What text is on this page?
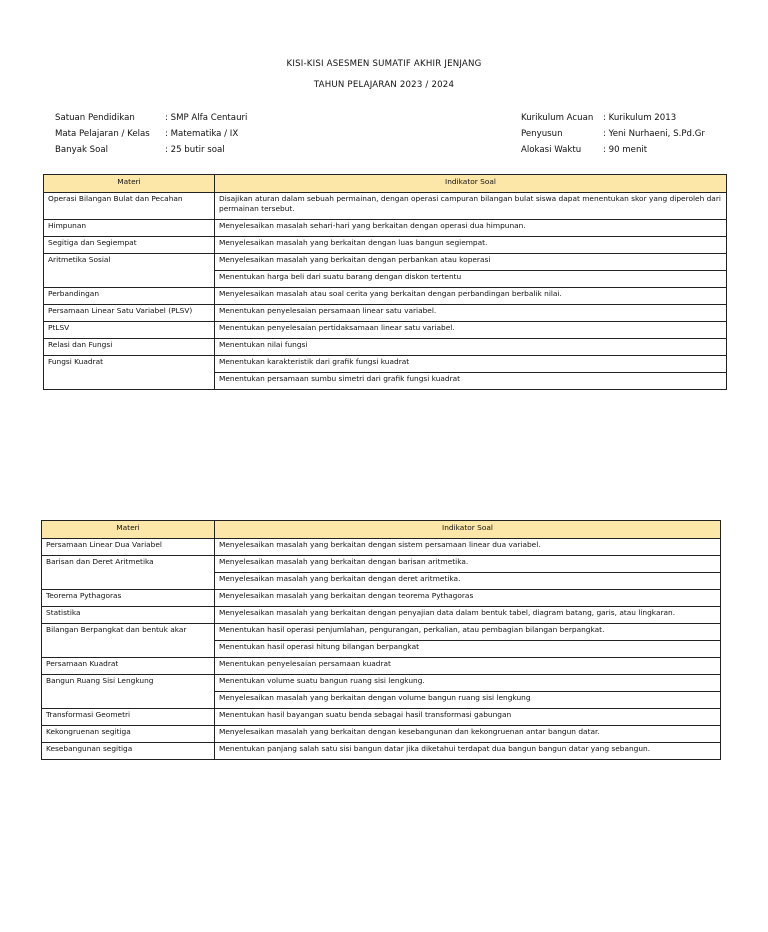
KISI-KISI ASESMEN SUMATIF AKHIR JENJANG
TAHUN PELAJARAN 2023 / 2024
Satuan Pendidikan	: SMP Alfa Centauri
Mata Pelajaran / Kelas : Matematika / IX
Banyak Soal	: 25 butir soal
Kurikulum Acuan : Kurikulum 2013
Penyusun	: Yeni Nurhaeni, S.Pd.Gr
Alokasi Waktu	: 90 menit
Materi	Indikator Soal
Operasi Bilangan Bulat dan Pecahan	Disajikan aturan dalam sebuah permainan, dengan operasi campuran bilangan bulat siswa dapat menentukan skor yang diperoleh dari permainan tersebut.
Himpunan	Menyelesaikan masalah sehari-hari yang berkaitan dengan operasi dua himpunan.
Segitiga dan Segiempat	Menyelesaikan masalah yang berkaitan dengan luas bangun segiempat.
Aritmetika Sosial	Menyelesaikan masalah yang berkaitan dengan perbankan atau koperasi
	Menentukan harga beli dari suatu barang dengan diskon tertentu
Perbandingan	Menyelesaikan masalah atau soal cerita yang berkaitan dengan perbandingan berbalik nilai.
Persamaan Linear Satu Variabel (PLSV)	Menentukan penyelesaian persamaan linear satu variabel.
PtLSV	Menentukan penyelesaian pertidaksamaan linear satu variabel.
Relasi dan Fungsi	Menentukan nilai fungsi
Fungsi Kuadrat	Menentukan karakteristik dari grafik fungsi kuadrat
	Menentukan persamaan sumbu simetri dari grafik fungsi kuadrat
Materi	Indikator Soal
Persamaan Linear Dua Variabel	Menyelesaikan masalah yang berkaitan dengan sistem persamaan linear dua variabel.
Barisan dan Deret Aritmetika	Menyelesaikan masalah yang berkaitan dengan barisan aritmetika.
	Menyelesaikan masalah yang berkaitan dengan deret aritmetika.
Teorema Pythagoras	Menyelesaikan masalah yang berkaitan dengan teorema Pythagoras
Statistika	Menyelesaikan masalah yang berkaitan dengan penyajian data dalam bentuk tabel, diagram batang, garis, atau lingkaran.
Bilangan Berpangkat dan bentuk akar	Menentukan hasil operasi penjumlahan, pengurangan, perkalian, atau pembagian bilangan berpangkat.
	Menentukan hasil operasi hitung bilangan berpangkat
Persamaan Kuadrat	Menentukan penyelesaian persamaan kuadrat
Bangun Ruang Sisi Lengkung	Menentukan volume suatu bangun ruang sisi lengkung.
	Menyelesaikan masalah yang berkaitan dengan volume bangun ruang sisi lengkung
Transformasi Geometri	Menentukan hasil bayangan suatu benda sebagai hasil transformasi gabungan
Kekongruenan segitiga	Menyelesaikan masalah yang berkaitan dengan kesebangunan dan kekongruenan antar bangun datar.
Kesebangunan segitiga	Menentukan panjang salah satu sisi bangun datar jika diketahui terdapat dua bangun bangun datar yang sebangun.
